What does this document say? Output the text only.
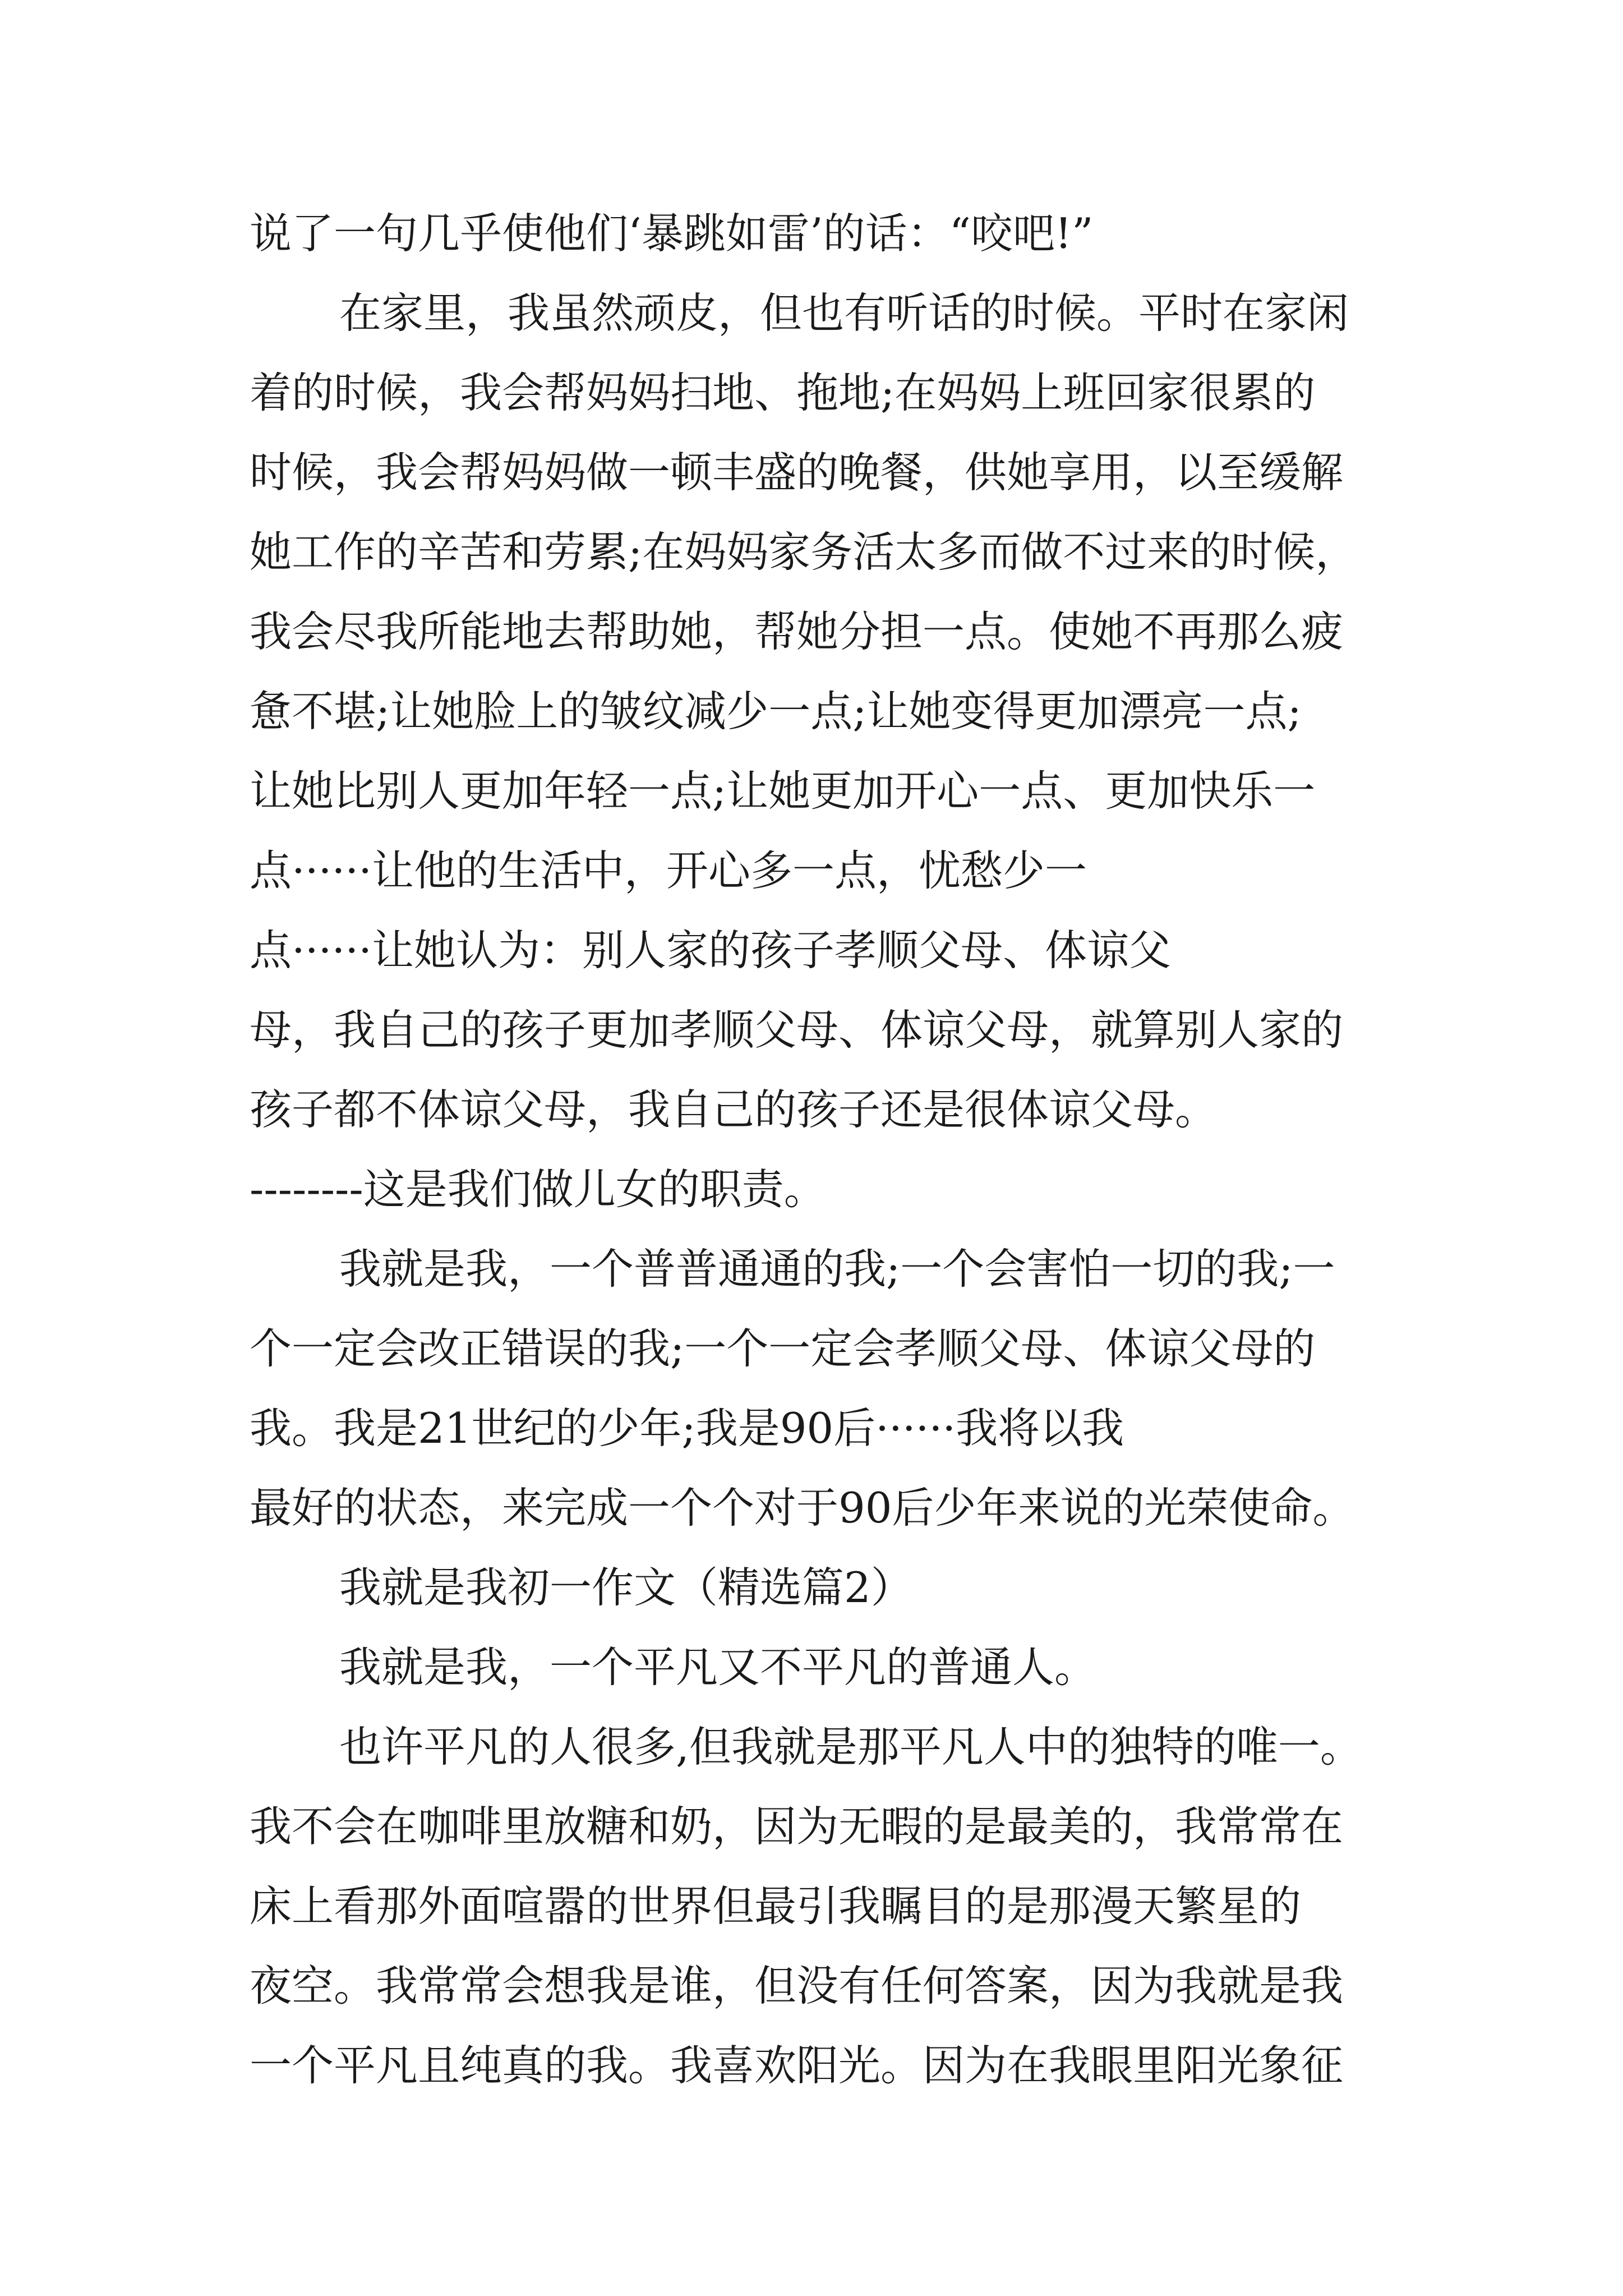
说了一句几乎使他们‘暴跳如雷’的话：“咬吧!”
在家里，我虽然顽皮，但也有听话的时候。平时在家闲
着的时候，我会帮妈妈扫地、拖地;在妈妈上班回家很累的
时候，我会帮妈妈做一顿丰盛的晚餐，供她享用，以至缓解
她工作的辛苦和劳累;在妈妈家务活太多而做不过来的时候，
我会尽我所能地去帮助她，帮她分担一点。使她不再那么疲
惫不堪;让她脸上的皱纹减少一点;让她变得更加漂亮一点;
让她比别人更加年轻一点;让她更加开心一点、更加快乐一
点······让他的生活中，开心多一点，忧愁少一
点······让她认为：别人家的孩子孝顺父母、体谅父
母，我自己的孩子更加孝顺父母、体谅父母，就算别人家的
孩子都不体谅父母，我自己的孩子还是很体谅父母。
--------这是我们做儿女的职责。
我就是我，一个普普通通的我;一个会害怕一切的我;一
个一定会改正错误的我;一个一定会孝顺父母、体谅父母的
我。我是21世纪的少年;我是90后······我将以我
最好的状态，来完成一个个对于90后少年来说的光荣使命。
我就是我初一作文（精选篇2）
我就是我，一个平凡又不平凡的普通人。
也许平凡的人很多,但我就是那平凡人中的独特的唯一。
我不会在咖啡里放糖和奶，因为无暇的是最美的，我常常在
床上看那外面喧嚣的世界但最引我瞩目的是那漫天繁星的
夜空。我常常会想我是谁，但没有任何答案，因为我就是我
一个平凡且纯真的我。我喜欢阳光。因为在我眼里阳光象征
